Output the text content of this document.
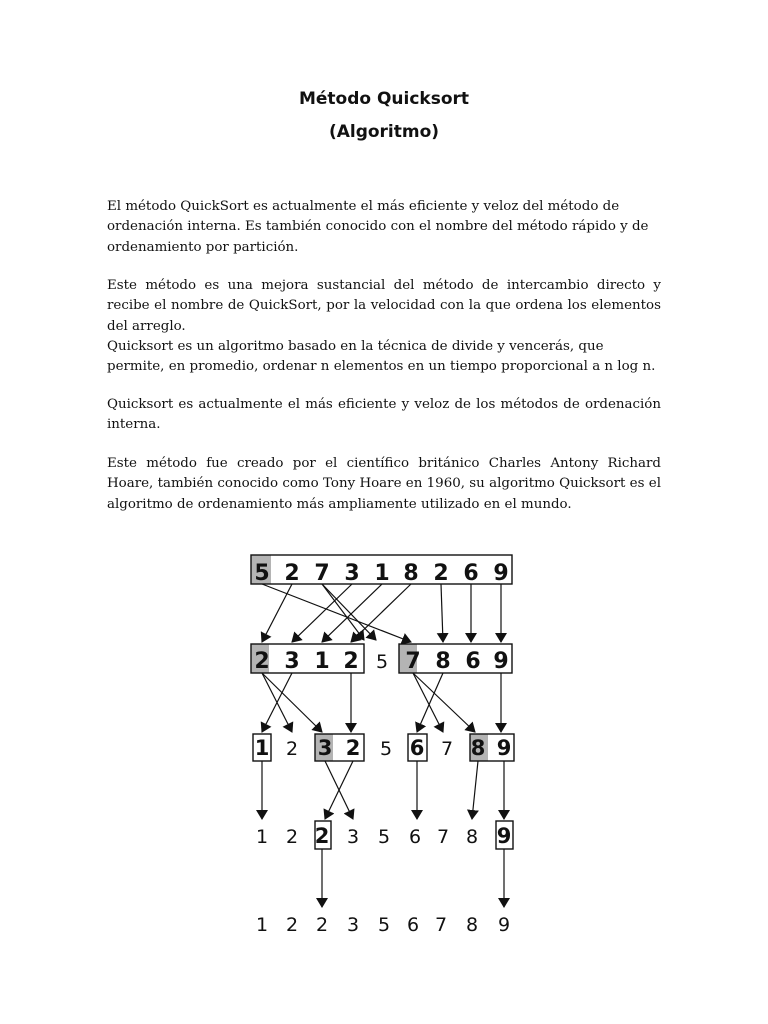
Método Quicksort
(Algoritmo)

El método QuickSort es actualmente el más eficiente y veloz del método de ordenación interna. Es también conocido con el nombre del método rápido y de ordenamiento por partición.

Este método es una mejora sustancial del método de intercambio directo y recibe el nombre de QuickSort, por la velocidad con la que ordena los elementos del arreglo.

Quicksort es un algoritmo basado en la técnica de divide y vencerás, que permite, en promedio, ordenar n elementos en un tiempo proporcional a n log n.

Quicksort es actualmente el más eficiente y veloz de los métodos de ordenación interna.

Este método fue creado por el científico británico Charles Antony Richard Hoare, también conocido como Tony Hoare en 1960, su algoritmo Quicksort es el algoritmo de ordenamiento más ampliamente utilizado en el mundo.

5 2 7 3 1 8 2 6 9
2 3 1 2 5 7 8 6 9
1 2 3 2 5 6 7 8 9
1 2 2 3 5 6 7 8 9
1 2 2 3 5 6 7 8 9
